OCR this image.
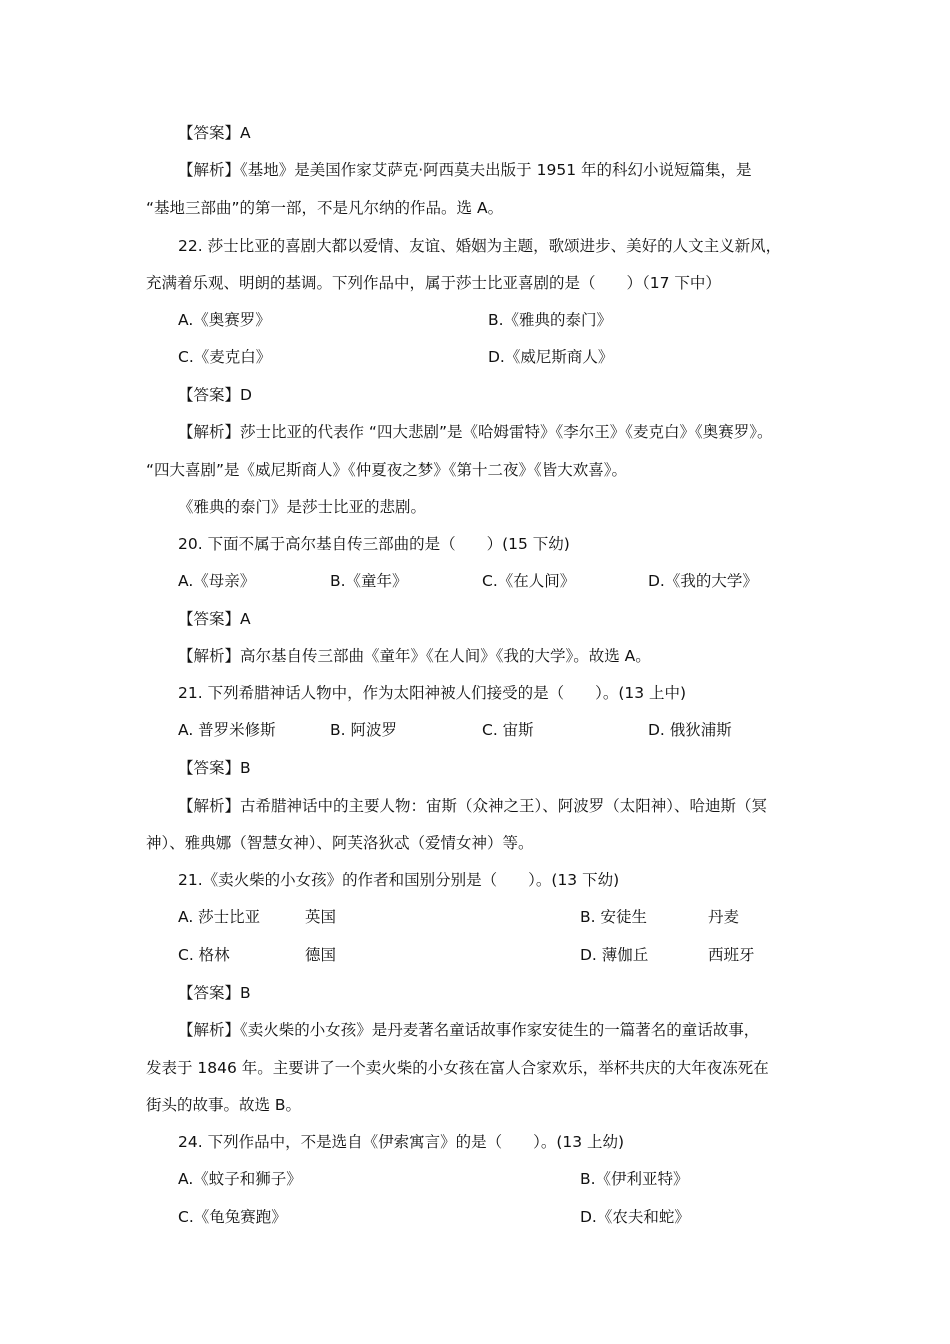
【答案】A
【解析】《基地》是美国作家艾萨克·阿西莫夫出版于 1951 年的科幻小说短篇集，是
“基地三部曲”的第一部，不是凡尔纳的作品。选 A。
22. 莎士比亚的喜剧大都以爱情、友谊、婚姻为主题，歌颂进步、美好的人文主义新风，
充满着乐观、明朗的基调。下列作品中，属于莎士比亚喜剧的是（　　）（17 下中）
A.《奥赛罗》	B.《雅典的泰门》
C.《麦克白》	D.《威尼斯商人》
【答案】D
【解析】莎士比亚的代表作 “四大悲剧”是《哈姆雷特》《李尔王》《麦克白》《奥赛罗》。
“四大喜剧”是《威尼斯商人》《仲夏夜之梦》《第十二夜》《皆大欢喜》。
《雅典的泰门》是莎士比亚的悲剧。
20. 下面不属于高尔基自传三部曲的是（　　）(15 下幼)
A.《母亲》	B.《童年》	C.《在人间》	D.《我的大学》
【答案】A
【解析】高尔基自传三部曲《童年》《在人间》《我的大学》。故选 A。
21. 下列希腊神话人物中，作为太阳神被人们接受的是（　　）。(13 上中)
A. 普罗米修斯	B. 阿波罗	C. 宙斯	D. 俄狄浦斯
【答案】B
【解析】古希腊神话中的主要人物：宙斯（众神之王）、阿波罗（太阳神）、哈迪斯（冥
神）、雅典娜（智慧女神）、阿芙洛狄忒（爱情女神）等。
21.《卖火柴的小女孩》的作者和国别分别是（　　）。(13 下幼)
A. 莎士比亚	英国	B. 安徒生	丹麦
C. 格林	德国	D. 薄伽丘	西班牙
【答案】B
【解析】《卖火柴的小女孩》是丹麦著名童话故事作家安徒生的一篇著名的童话故事，
发表于 1846 年。主要讲了一个卖火柴的小女孩在富人合家欢乐，举杯共庆的大年夜冻死在
街头的故事。故选 B。
24. 下列作品中，不是选自《伊索寓言》的是（　　）。(13 上幼)
A.《蚊子和狮子》	B.《伊利亚特》
C.《龟兔赛跑》	D.《农夫和蛇》
